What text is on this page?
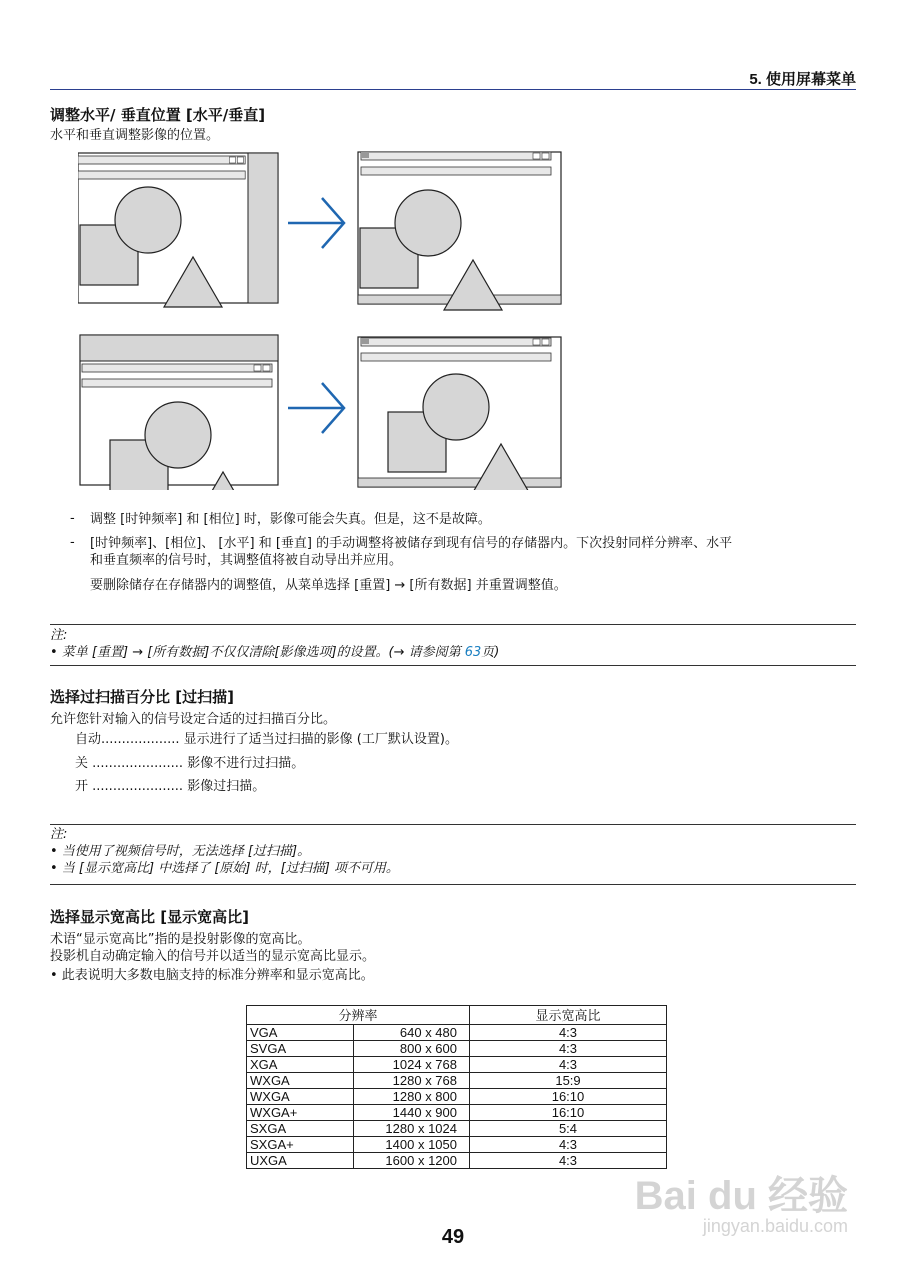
5. 使用屏幕菜单
调整水平/ 垂直位置 [水平/垂直]
水平和垂直调整影像的位置。
- 调整 [时钟频率] 和 [相位] 时，影像可能会失真。但是，这不是故障。
- [时钟频率]、[相位]、 [水平] 和 [垂直] 的手动调整将被储存到现有信号的存储器内。下次投射同样分辨率、水平
和垂直频率的信号时，其调整值将被自动导出并应用。
要删除储存在存储器内的调整值，从菜单选择 [重置] → [所有数据] 并重置调整值。
注:
• 菜单 [重置] → [所有数据]不仅仅清除[影像选项]的设置。(→ 请参阅第 63页)
选择过扫描百分比 [过扫描]
允许您针对输入的信号设定合适的过扫描百分比。
自动................... 显示进行了适当过扫描的影像 (工厂默认设置)。
关 ...................... 影像不进行过扫描。
开 ...................... 影像过扫描。
注:
• 当使用了视频信号时，无法选择 [过扫描]。
• 当 [显示宽高比] 中选择了 [原始] 时，[过扫描] 项不可用。
选择显示宽高比 [显示宽高比]
术语“显示宽高比”指的是投射影像的宽高比。
投影机自动确定输入的信号并以适当的显示宽高比显示。
• 此表说明大多数电脑支持的标准分辨率和显示宽高比。
分辨率		显示宽高比
VGA	640 x 480	4:3
SVGA	800 x 600	4:3
XGA	1024 x 768	4:3
WXGA	1280 x 768	15:9
WXGA	1280 x 800	16:10
WXGA+	1440 x 900	16:10
SXGA	1280 x 1024	5:4
SXGA+	1400 x 1050	4:3
UXGA	1600 x 1200	4:3
49
Bai du 经验
jingyan.baidu.com
